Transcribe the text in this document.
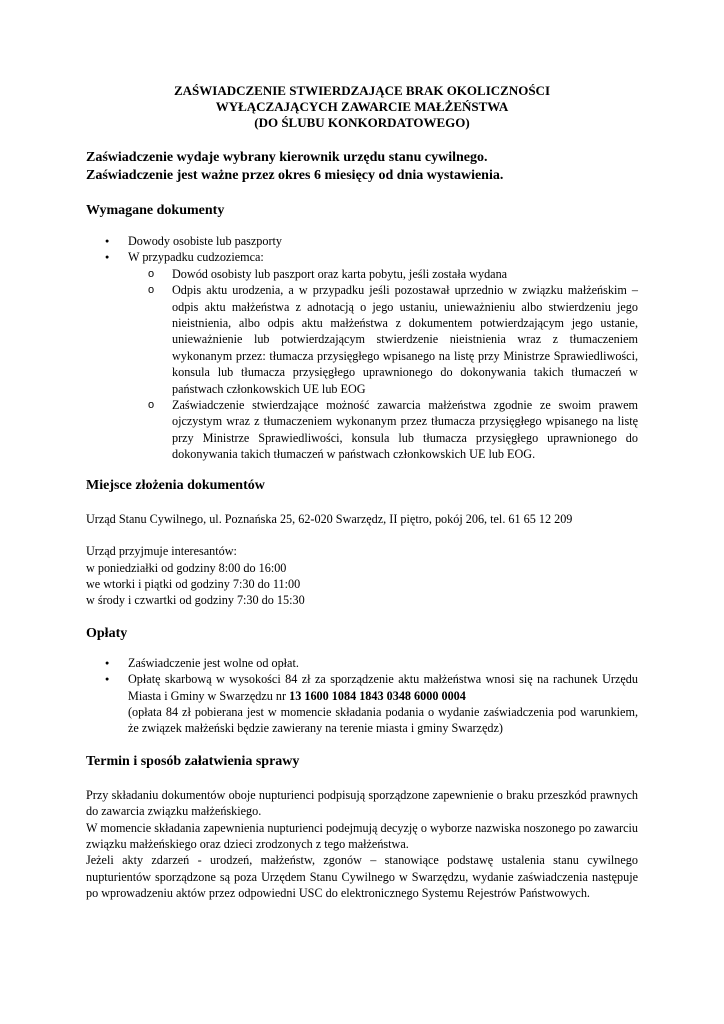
ZAŚWIADCZENIE STWIERDZAJĄCE BRAK OKOLICZNOŚCI
WYŁĄCZAJĄCYCH ZAWARCIE MAŁŻEŃSTWA
(DO ŚLUBU KONKORDATOWEGO)
Zaświadczenie wydaje wybrany kierownik urzędu stanu cywilnego.
Zaświadczenie jest ważne przez okres 6 miesięcy od dnia wystawienia.
Wymagane dokumenty
● Dowody osobiste lub paszporty
● W przypadku cudzoziemca:
o Dowód osobisty lub paszport oraz karta pobytu, jeśli została wydana
o Odpis aktu urodzenia, a w przypadku jeśli pozostawał uprzednio w związku małżeńskim – odpis aktu małżeństwa z adnotacją o jego ustaniu, unieważnieniu albo stwierdzeniu jego nieistnienia, albo odpis aktu małżeństwa z dokumentem potwierdzającym jego ustanie, unieważnienie lub potwierdzającym stwierdzenie nieistnienia wraz z tłumaczeniem wykonanym przez: tłumacza przysięgłego wpisanego na listę przy Ministrze Sprawiedliwości, konsula lub tłumacza przysięgłego uprawnionego do dokonywania takich tłumaczeń w państwach członkowskich UE lub EOG
o Zaświadczenie stwierdzające możność zawarcia małżeństwa zgodnie ze swoim prawem ojczystym wraz z tłumaczeniem wykonanym przez tłumacza przysięgłego wpisanego na listę przy Ministrze Sprawiedliwości, konsula lub tłumacza przysięgłego uprawnionego do dokonywania takich tłumaczeń w państwach członkowskich UE lub EOG.
Miejsce złożenia dokumentów
Urząd Stanu Cywilnego, ul. Poznańska 25, 62-020 Swarzędz, II piętro, pokój 206, tel. 61 65 12 209
Urząd przyjmuje interesantów:
w poniedziałki od godziny 8:00 do 16:00
we wtorki i piątki od godziny 7:30 do 11:00
w środy i czwartki od godziny 7:30 do 15:30
Opłaty
● Zaświadczenie jest wolne od opłat.
● Opłatę skarbową w wysokości 84 zł za sporządzenie aktu małżeństwa wnosi się na rachunek Urzędu Miasta i Gminy w Swarzędzu nr 13 1600 1084 1843 0348 6000 0004
(opłata 84 zł pobierana jest w momencie składania podania o wydanie zaświadczenia pod warunkiem, że związek małżeński będzie zawierany na terenie miasta i gminy Swarzędz)
Termin i sposób załatwienia sprawy
Przy składaniu dokumentów oboje nupturienci podpisują sporządzone zapewnienie o braku przeszkód prawnych do zawarcia związku małżeńskiego.
W momencie składania zapewnienia nupturienci podejmują decyzję o wyborze nazwiska noszonego po zawarciu związku małżeńskiego oraz dzieci zrodzonych z tego małżeństwa.
Jeżeli akty zdarzeń - urodzeń, małżeństw, zgonów – stanowiące podstawę ustalenia stanu cywilnego nupturientów sporządzone są poza Urzędem Stanu Cywilnego w Swarzędzu, wydanie zaświadczenia następuje po wprowadzeniu aktów przez odpowiedni USC do elektronicznego Systemu Rejestrów Państwowych.
